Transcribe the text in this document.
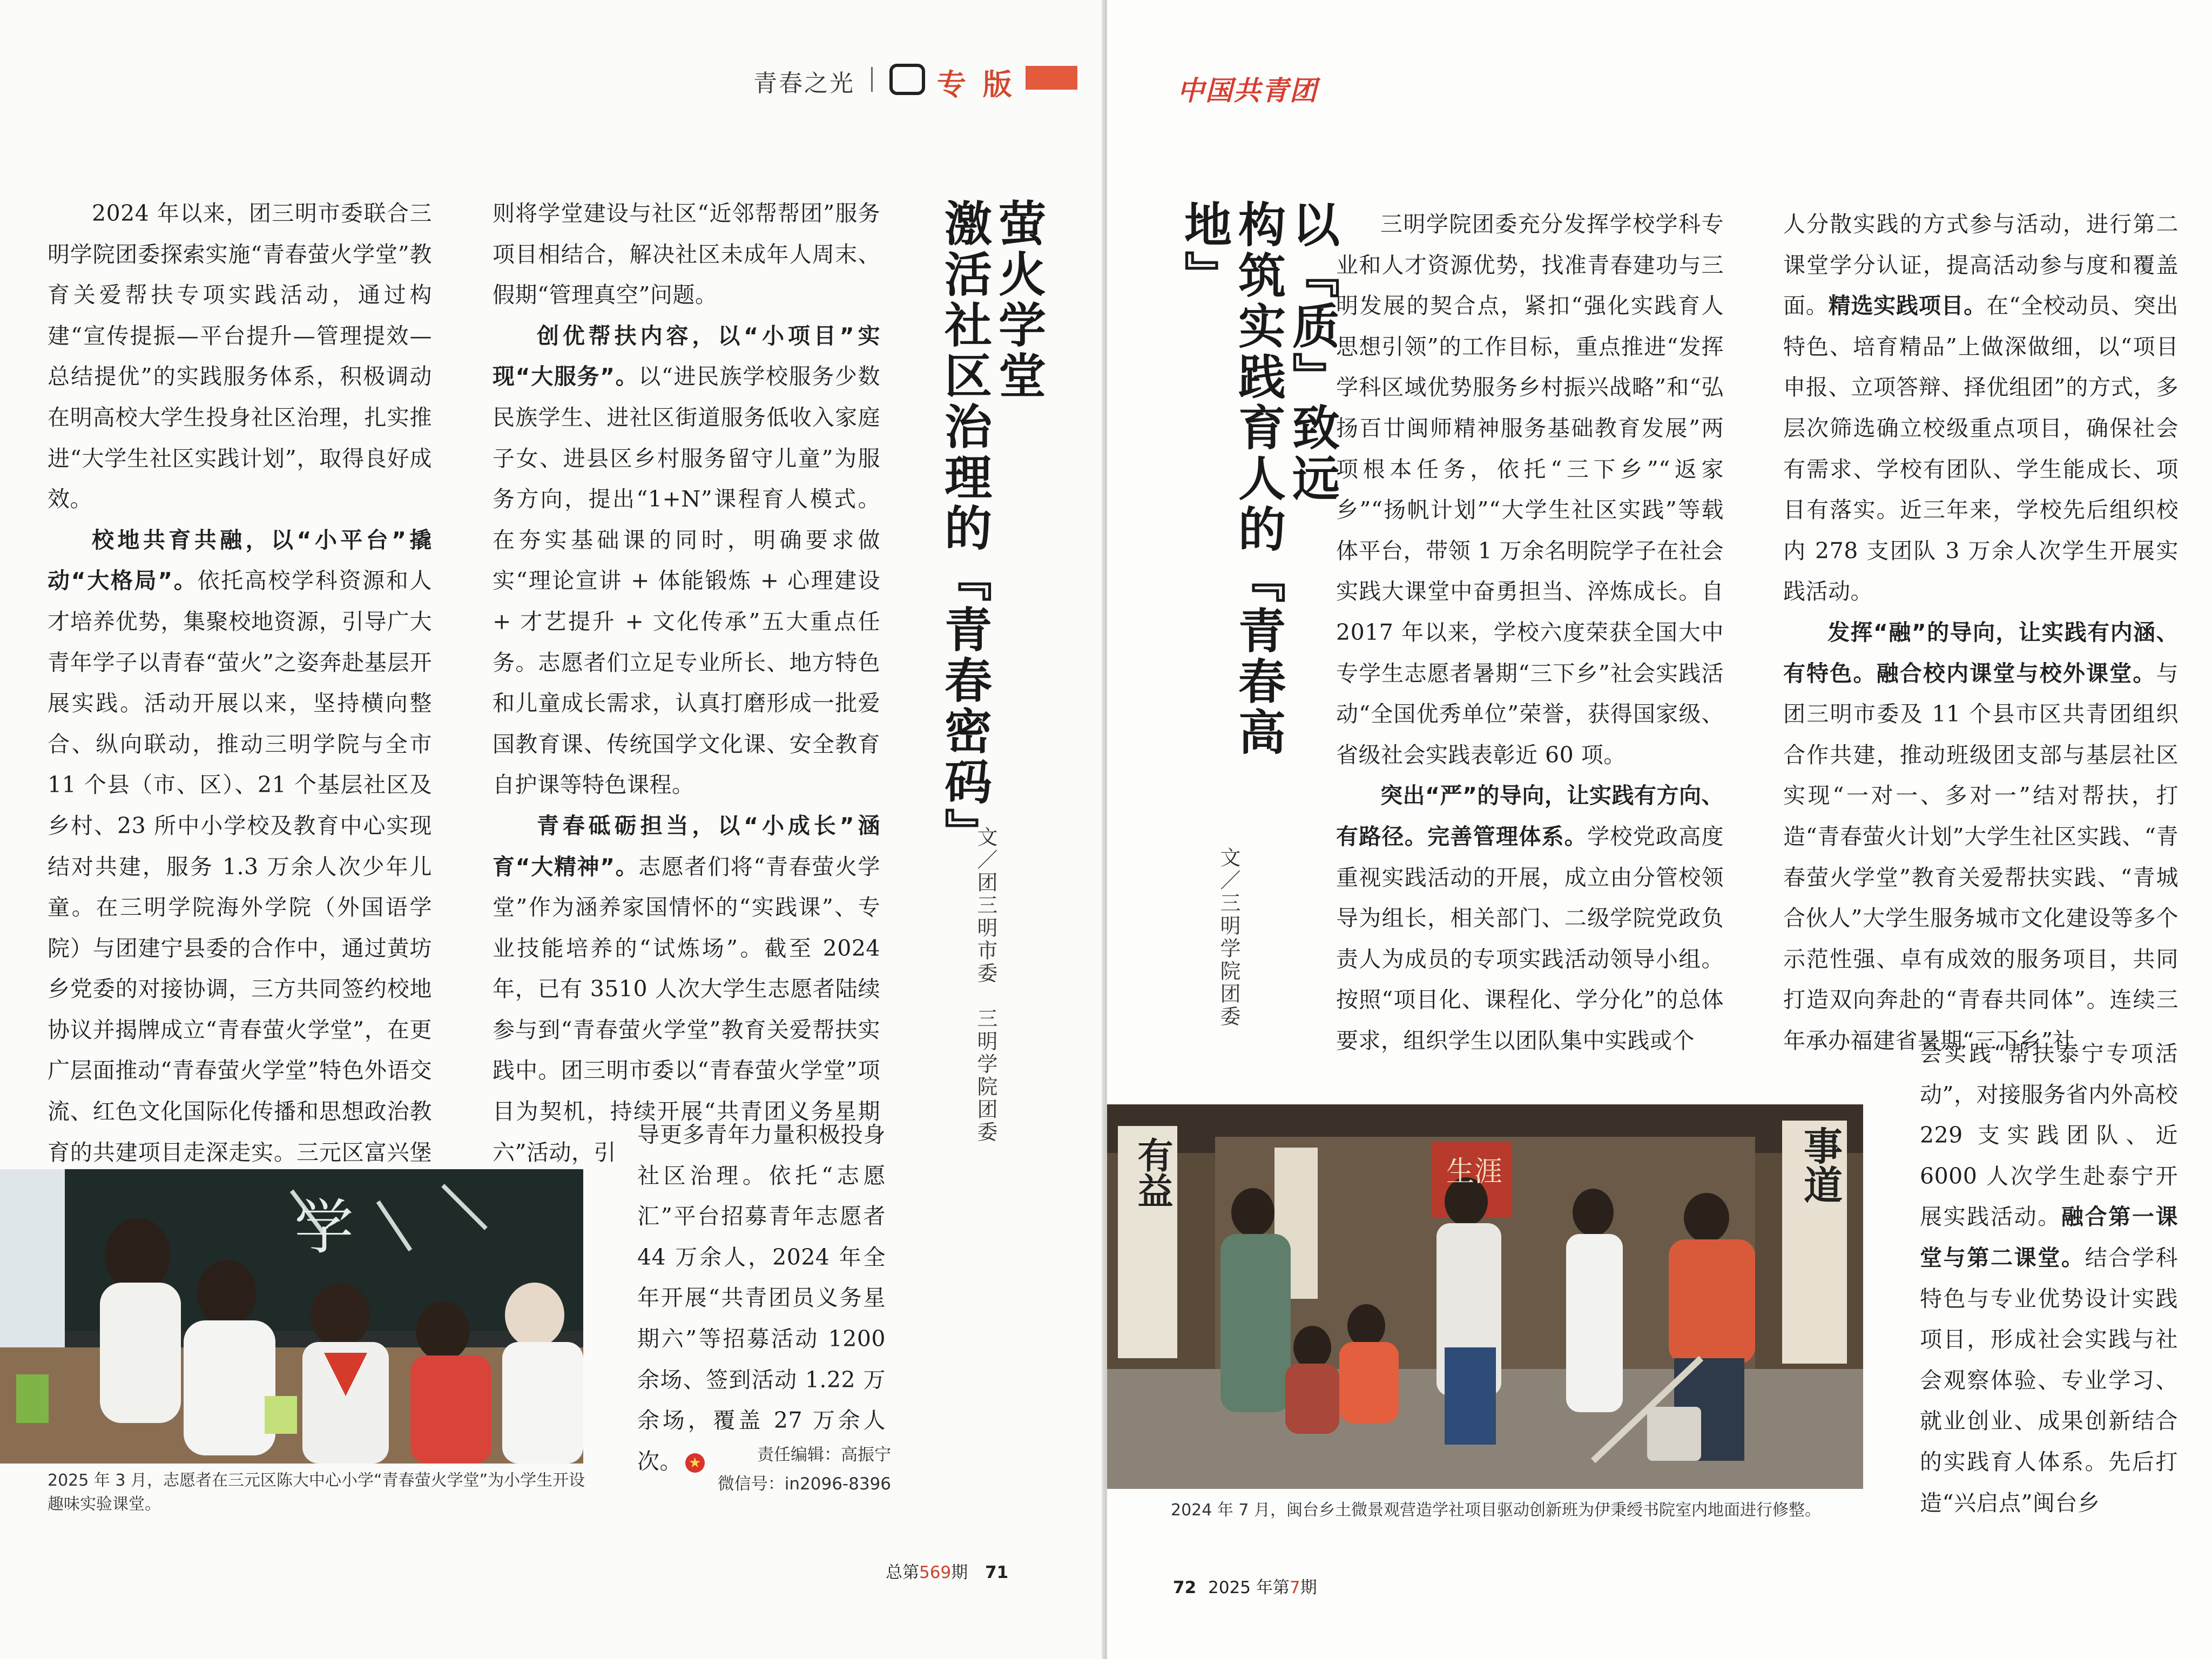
青春之光	专 版

2024 年以来，团三明市委联合三明学院团委探索实施“青春萤火学堂”教育关爱帮扶专项实践活动，通过构建“宣传提振—平台提升—管理提效—总结提优”的实践服务体系，积极调动在明高校大学生投身社区治理，扎实推进“大学生社区实践计划”，取得良好成效。

校地共育共融，以“小平台”撬动“大格局”。依托高校学科资源和人才培养优势，集聚校地资源，引导广大青年学子以青春“萤火”之姿奔赴基层开展实践。活动开展以来，坚持横向整合、纵向联动，推动三明学院与全市 11 个县（市、区）、21 个基层社区及乡村、23 所中小学校及教育中心实现结对共建，服务 1.3 万余人次少年儿童。在三明学院海外学院（外国语学院）与团建宁县委的合作中，通过黄坊乡党委的对接协调，三方共同签约校地协议并揭牌成立“青春萤火学堂”，在更广层面推动“青春萤火学堂”特色外语交流、红色文化国际化传播和思想政治教育的共建项目走深走实。三元区富兴堡

则将学堂建设与社区“近邻帮帮团”服务项目相结合，解决社区未成年人周末、假期“管理真空”问题。

创优帮扶内容，以“小项目”实现“大服务”。以“进民族学校服务少数民族学生、进社区街道服务低收入家庭子女、进县区乡村服务留守儿童”为服务方向，提出“1+N”课程育人模式。在夯实基础课的同时，明确要求做实“理论宣讲 + 体能锻炼 + 心理建设 + 才艺提升 + 文化传承”五大重点任务。志愿者们立足专业所长、地方特色和儿童成长需求，认真打磨形成一批爱国教育课、传统国学文化课、安全教育自护课等特色课程。

青春砥砺担当，以“小成长”涵育“大精神”。志愿者们将“青春萤火学堂”作为涵养家国情怀的“实践课”、专业技能培养的“试炼场”。截至 2024 年，已有 3510 人次大学生志愿者陆续参与到“青春萤火学堂”教育关爱帮扶实践中。团三明市委以“青春萤火学堂”项目为契机，持续开展“共青团义务星期六”活动，引

导更多青年力量积极投身社区治理。依托“志愿汇”平台招募青年志愿者 44 万余人，2024 年全年开展“共青团员义务星期六”等招募活动 1200 余场、签到活动 1.22 万余场，覆盖 27 万余人次。 ★

萤火学堂
激活社区治理的『青春密码』
文／团三明市委　三明学院团委
学
2025 年 3 月，志愿者在三元区陈大中心小学“青春萤火学堂”为小学生开设趣味实验课堂。
责任编辑：高振宁
微信号：in2096-8396
总第569期 71
中国共青团
以『质』致远
构筑实践育人的『青春高地』
文／三明学院团委

三明学院团委充分发挥学校学科专业和人才资源优势，找准青春建功与三明发展的契合点，紧扣“强化实践育人思想引领”的工作目标，重点推进“发挥学科区域优势服务乡村振兴战略”和“弘扬百廿闽师精神服务基础教育发展”两项根本任务，依托“三下乡”“返家乡”“扬帆计划”“大学生社区实践”等载体平台，带领 1 万余名明院学子在社会实践大课堂中奋勇担当、淬炼成长。自 2017 年以来，学校六度荣获全国大中专学生志愿者暑期“三下乡”社会实践活动“全国优秀单位”荣誉，获得国家级、省级社会实践表彰近 60 项。

突出“严”的导向，让实践有方向、有路径。完善管理体系。学校党政高度重视实践活动的开展，成立由分管校领导为组长，相关部门、二级学院党政负责人为成员的专项实践活动领导小组。按照“项目化、课程化、学分化”的总体要求，组织学生以团队集中实践或个

人分散实践的方式参与活动，进行第二课堂学分认证，提高活动参与度和覆盖面。精选实践项目。在“全校动员、突出特色、培育精品”上做深做细，以“项目申报、立项答辩、择优组团”的方式，多层次筛选确立校级重点项目，确保社会有需求、学校有团队、学生能成长、项目有落实。近三年来，学校先后组织校内 278 支团队 3 万余人次学生开展实践活动。

发挥“融”的导向，让实践有内涵、有特色。融合校内课堂与校外课堂。与团三明市委及 11 个县市区共青团组织合作共建，推动班级团支部与基层社区实现“一对一、多对一”结对帮扶，打造“青春萤火计划”大学生社区实践、“青春萤火学堂”教育关爱帮扶实践、“青城合伙人”大学生服务城市文化建设等多个示范性强、卓有成效的服务项目，共同打造双向奔赴的“青春共同体”。连续三年承办福建省暑期“三下乡”社

会实践“帮扶泰宁专项活动”，对接服务省内外高校 229 支实践团队、近 6000 人次学生赴泰宁开展实践活动。融合第一课堂与第二课堂。结合学科特色与专业优势设计实践项目，形成社会实践与社会观察体验、专业学习、就业创业、成果创新结合的实践育人体系。先后打造“兴启点”闽台乡

有益	事道
生涯
2024 年 7 月，闽台乡土微景观营造学社项目驱动创新班为伊秉绶书院室内地面进行修整。
72 2025 年第7期
